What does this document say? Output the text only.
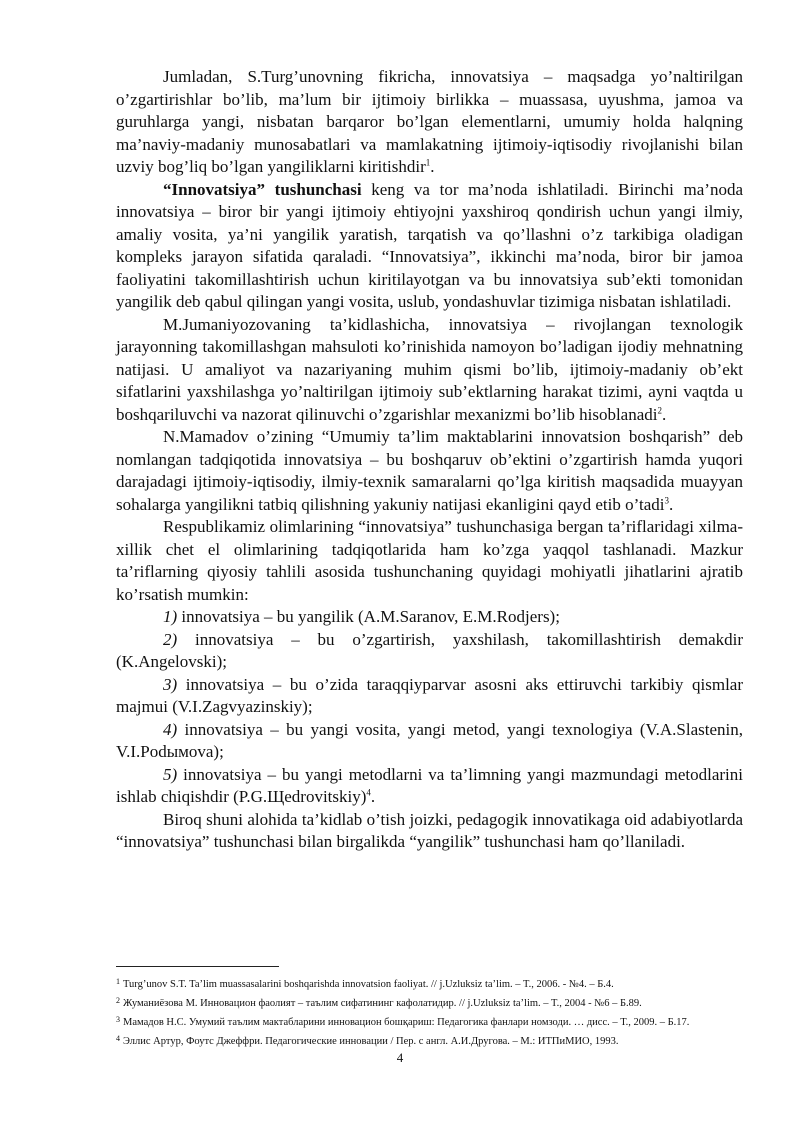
Jumladan, S.Turg’unovning fikricha, innovatsiya – maqsadga yo’naltirilgan o’zgartirishlar bo’lib, ma’lum bir ijtimoiy birlikka – muassasa, uyushma, jamoa va guruhlarga yangi, nisbatan barqaror bo’lgan elementlarni, umumiy holda halqning ma’naviy-madaniy munosabatlari va mamlakatning ijtimoiy-iqtisodiy rivojlanishi bilan uzviy bog’liq bo’lgan yangiliklarni kiritishdir$^1$.

“Innovatsiya” tushunchasi keng va tor ma’noda ishlatiladi. Birinchi ma’noda innovatsiya – biror bir yangi ijtimoiy ehtiyojni yaxshiroq qondirish uchun yangi ilmiy, amaliy vosita, ya’ni yangilik yaratish, tarqatish va qo’llashni o’z tarkibiga oladigan kompleks jarayon sifatida qaraladi. “Innovatsiya”, ikkinchi ma’noda, biror bir jamoa faoliyatini takomillashtirish uchun kiritilayotgan va bu innovatsiya sub’ekti tomonidan yangilik deb qabul qilingan yangi vosita, uslub, yondashuvlar tizimiga nisbatan ishlatiladi.

M.Jumaniyozovaning ta’kidlashicha, innovatsiya – rivojlangan texnologik jarayonning takomillashgan mahsuloti ko’rinishida namoyon bo’ladigan ijodiy mehnatning natijasi. U amaliyot va nazariyaning muhim qismi bo’lib, ijtimoiy-madaniy ob’ekt sifatlarini yaxshilashga yo’naltirilgan ijtimoiy sub’ektlarning harakat tizimi, ayni vaqtda u boshqariluvchi va nazorat qilinuvchi o’zgarishlar mexanizmi bo’lib hisoblanadi$^2$.

N.Mamadov o’zining “Umumiy ta’lim maktablarini innovatsion boshqarish” deb nomlangan tadqiqotida innovatsiya – bu boshqaruv ob’ektini o’zgartirish hamda yuqori darajadagi ijtimoiy-iqtisodiy, ilmiy-texnik samaralarni qo’lga kiritish maqsadida muayyan sohalarga yangilikni tatbiq qilishning yakuniy natijasi ekanligini qayd etib o’tadi$^3$.

Respublikamiz olimlarining “innovatsiya” tushunchasiga bergan ta’riflaridagi xilma-xillik chet el olimlarining tadqiqotlarida ham ko’zga yaqqol tashlanadi. Mazkur ta’riflarning qiyosiy tahlili asosida tushunchaning quyidagi mohiyatli jihatlarini ajratib ko’rsatish mumkin:

1) innovatsiya – bu yangilik (A.M.Saranov, E.M.Rodjers);

2) innovatsiya – bu o’zgartirish, yaxshilash, takomillashtirish demakdir (K.Angelovski);

3) innovatsiya – bu o’zida taraqqiyparvar asosni aks ettiruvchi tarkibiy qismlar majmui (V.I.Zagvyazinskiy);

4) innovatsiya – bu yangi vosita, yangi metod, yangi texnologiya (V.A.Slastenin, V.I.Podымova);

5) innovatsiya – bu yangi metodlarni va ta’limning yangi mazmundagi metodlarini ishlab chiqishdir (P.G.Щedrovitskiy)$^4$.

Biroq shuni alohida ta’kidlab o’tish joizki, pedagogik innovatikaga oid adabiyotlarda “innovatsiya” tushunchasi bilan birgalikda “yangilik” tushunchasi ham qo’llaniladi.

$^1$ Turg’unov S.T. Ta’lim muassasalarini boshqarishda innovatsion faoliyat. // j.Uzluksiz ta’lim. – T., 2006. - №4. – Б.4.
$^2$ Жуманиёзова М. Инновацион фаолият – таълим сифатининг кафолатидир. // j.Uzluksiz ta’lim. – T., 2004 - №6 – Б.89.
$^3$ Мамадов Н.С. Умумий таълим мактабларини инновацион бошқариш: Педагогика фанлари номзоди. … дисс. – Т., 2009. – Б.17.
$^4$ Эллис Артур, Фоутс Джеффри. Педагогические инновации / Пер. с англ. А.И.Другова. – М.: ИТПиМИО, 1993.
4
